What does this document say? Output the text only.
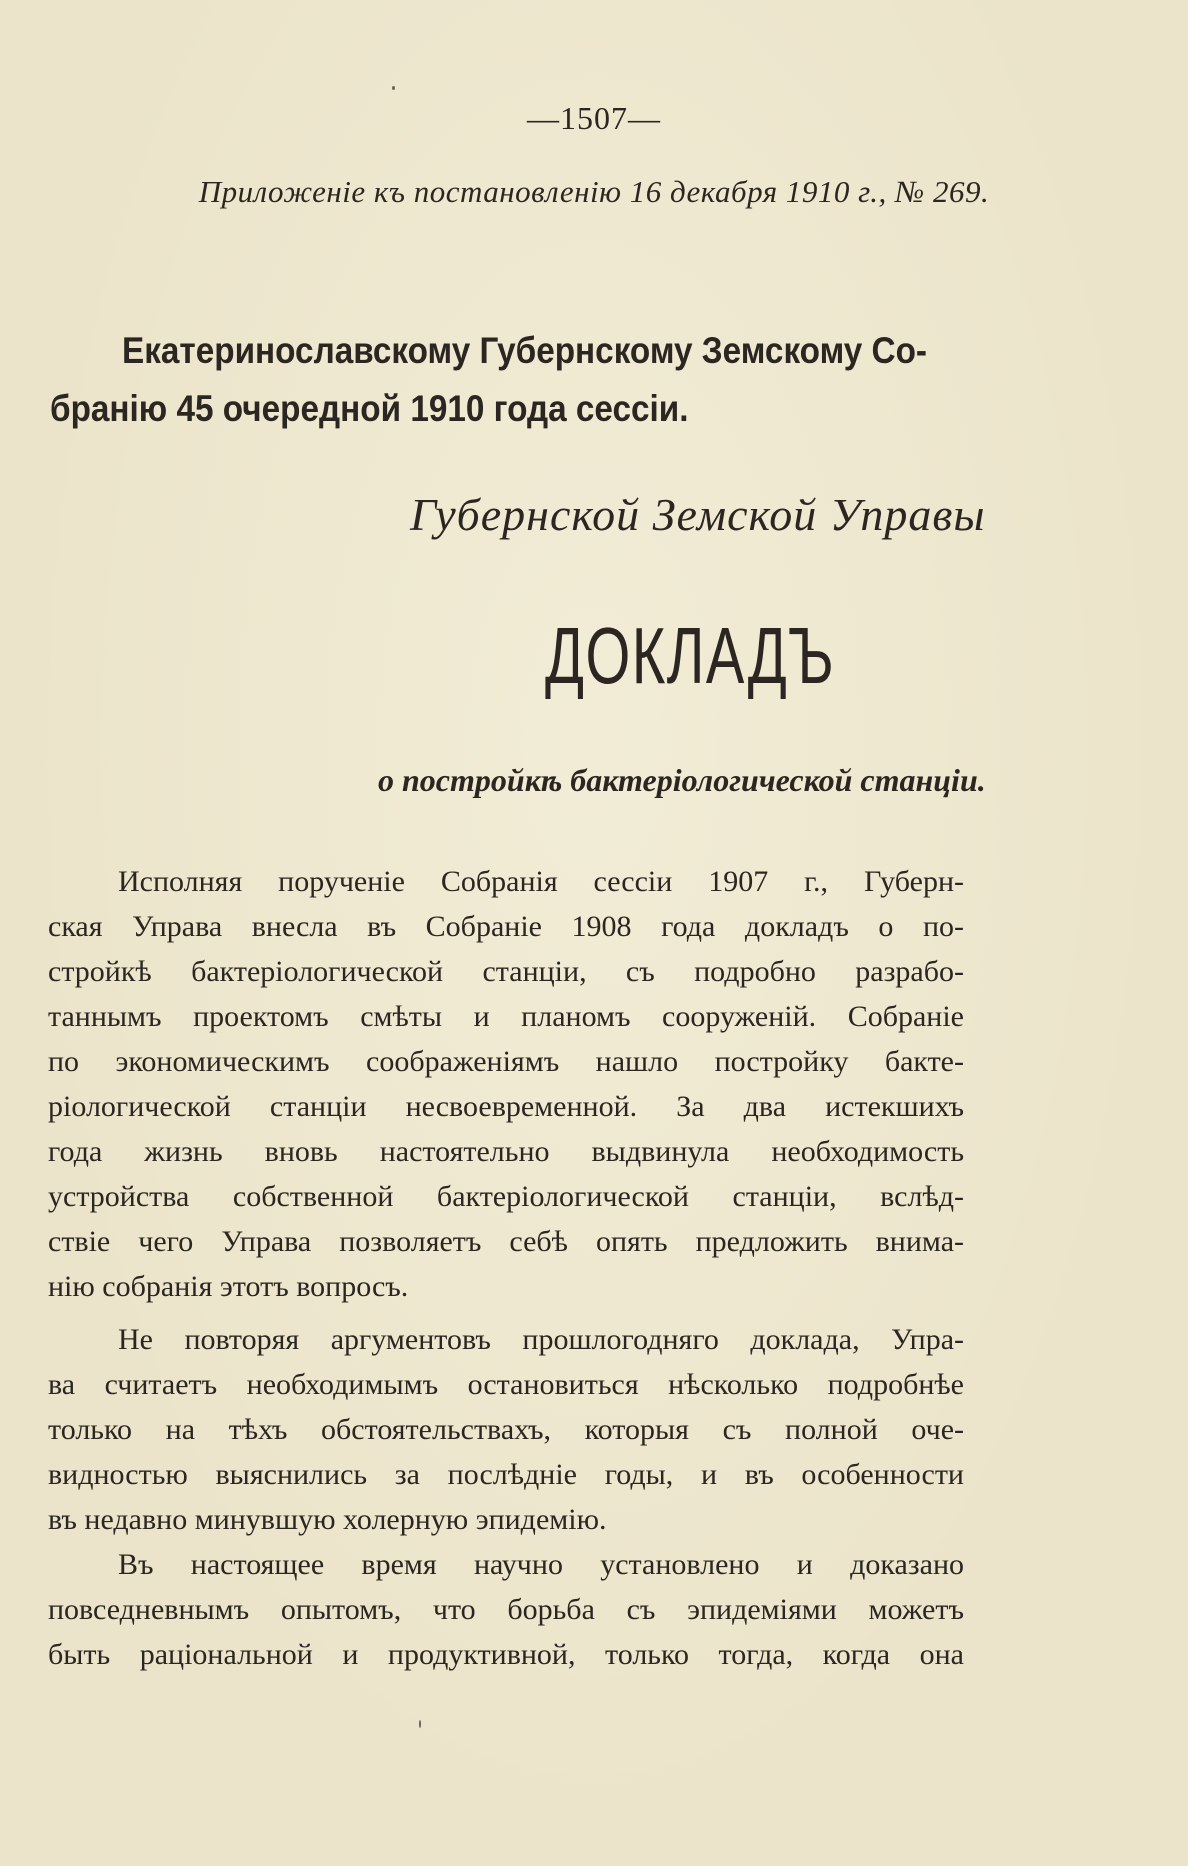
—1507—
Приложенiе къ постановленiю 16 декабря 1910 г., № 269.
Екатеринославскому Губернскому Земскому Со-
бранiю 45 очередной 1910 года сессiи.
Губернской Земской Управы
ДОКЛАДЪ
о постройкѣ бактерiологической станцiи.
Исполняя порученiе Собранiя сессiи 1907 г., Губерн-
ская Управа внесла въ Собранiе 1908 года докладъ о по-
стройкѣ бактерiологической станцiи, съ подробно разрабо-
таннымъ проектомъ смѣты и планомъ сооруженiй. Собранiе
по экономическимъ соображенiямъ нашло постройку бакте-
рiологической станцiи несвоевременной. За два истекшихъ
года жизнь вновь настоятельно выдвинула необходимость
устройства собственной бактерiологической станцiи, вслѣд-
ствiе чего Управа позволяетъ себѣ опять предложить внима-
нiю собранiя этотъ вопросъ.
Не повторяя аргументовъ прошлогодняго доклада, Упра-
ва считаетъ необходимымъ остановиться нѣсколько подробнѣе
только на тѣхъ обстоятельствахъ, которыя съ полной оче-
видностью выяснились за послѣднiе годы, и въ особенности
въ недавно минувшую холерную эпидемiю.
Въ настоящее время научно установлено и доказано
повседневнымъ опытомъ, что борьба съ эпидемiями можетъ
быть рацiональной и продуктивной, только тогда, когда она
